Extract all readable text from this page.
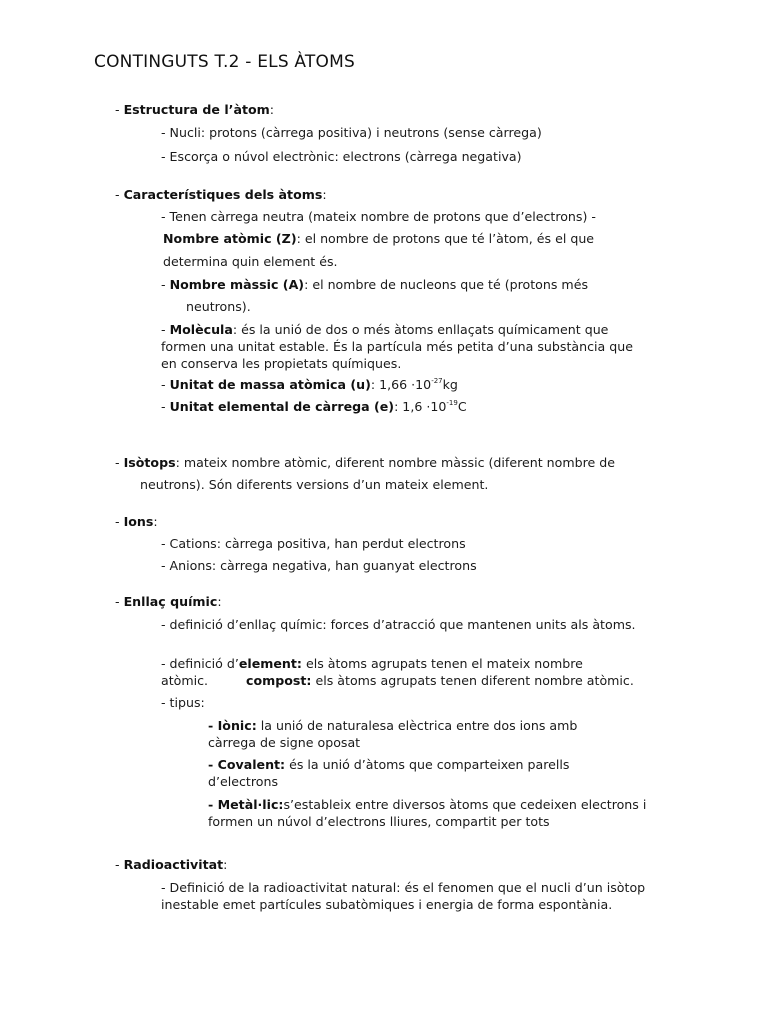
CONTINGUTS T.2 - ELS ÀTOMS
- Estructura de l’àtom:
- Nucli: protons (càrrega positiva) i neutrons (sense càrrega)
- Escorça o núvol electrònic: electrons (càrrega negativa)
- Característiques dels àtoms:
- Tenen càrrega neutra (mateix nombre de protons que d’electrons) -
Nombre atòmic (Z): el nombre de protons que té l’àtom, és el que
determina quin element és.
- Nombre màssic (A): el nombre de nucleons que té (protons més
neutrons).
- Molècula: és la unió de dos o més àtoms enllaçats químicament que formen una unitat estable. És la partícula més petita d’una substància que en conserva les propietats químiques.
- Unitat de massa atòmica (u): $1,66 \cdot 10^{-27}kg$
- Unitat elemental de càrrega (e): $1,6 \cdot 10^{-19}C$
- Isòtops: mateix nombre atòmic, diferent nombre màssic (diferent nombre de
neutrons). Són diferents versions d’un mateix element.
- Ions:
- Cations: càrrega positiva, han perdut electrons
- Anions: càrrega negativa, han guanyat electrons
- Enllaç químic:
- definició d’enllaç químic: forces d’atracció que mantenen units als àtoms.
- definició d’element: els àtoms agrupats tenen el mateix nombre
atòmic.	compost: els àtoms agrupats tenen diferent nombre atòmic.
- tipus:
- Iònic: la unió de naturalesa elèctrica entre dos ions amb càrrega de signe oposat
- Covalent: és la unió d’àtoms que comparteixen parells d’electrons
- Metàl·lic:s’estableix entre diversos àtoms que cedeixen electrons i formen un núvol d’electrons lliures, compartit per tots
- Radioactivitat:
- Definició de la radioactivitat natural: és el fenomen que el nucli d’un isòtop inestable emet partícules subatòmiques i energia de forma espontània.
